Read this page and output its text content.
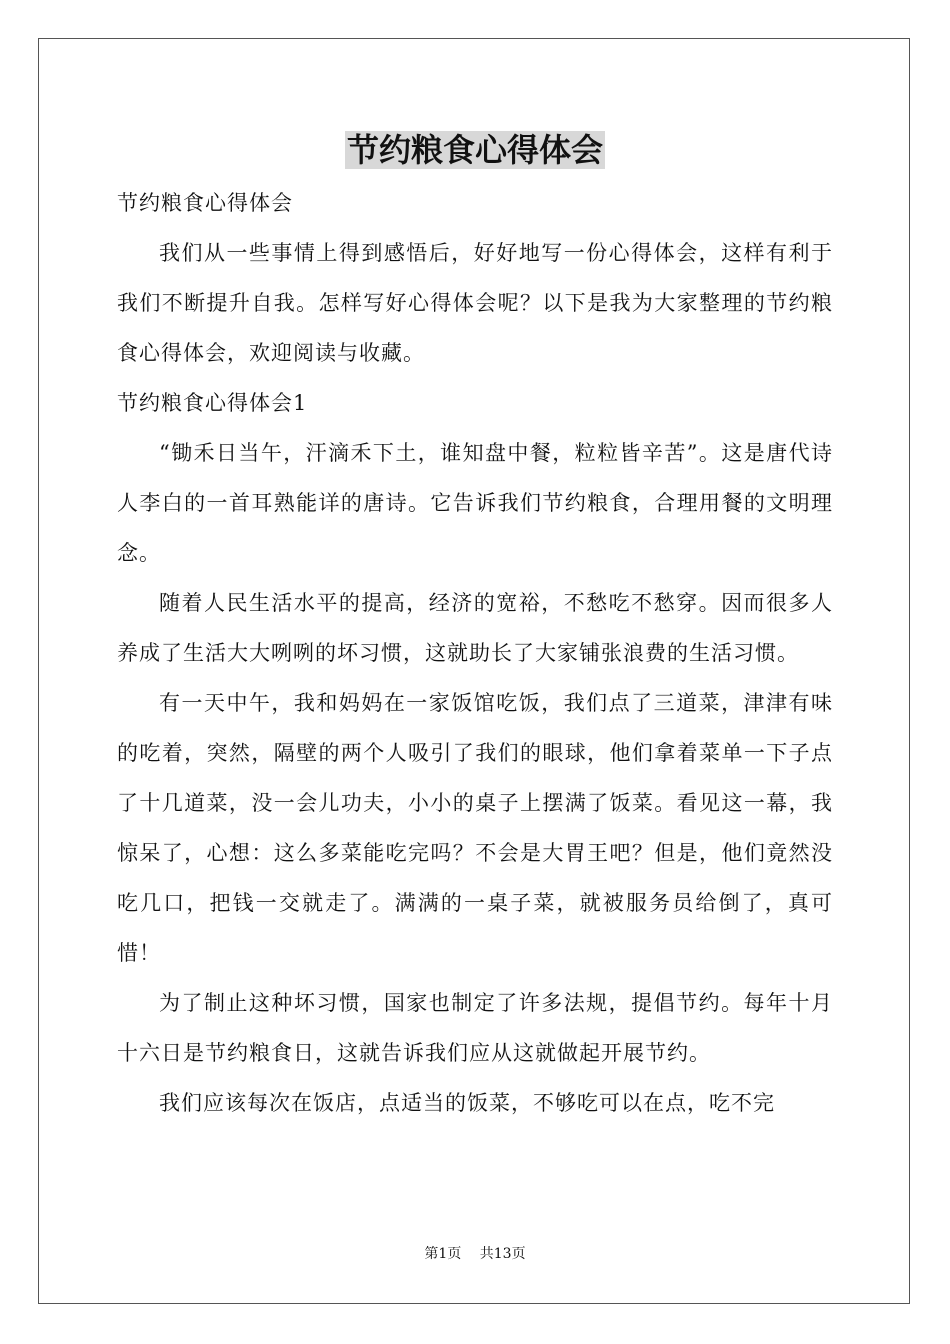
节约粮食心得体会

节约粮食心得体会

我们从一些事情上得到感悟后，好好地写一份心得体会，这样有利于我们不断提升自我。怎样写好心得体会呢？以下是我为大家整理的节约粮食心得体会，欢迎阅读与收藏。

节约粮食心得体会1

“锄禾日当午，汗滴禾下土，谁知盘中餐，粒粒皆辛苦”。这是唐代诗人李白的一首耳熟能详的唐诗。它告诉我们节约粮食，合理用餐的文明理念。

随着人民生活水平的提高，经济的宽裕，不愁吃不愁穿。因而很多人养成了生活大大咧咧的坏习惯，这就助长了大家铺张浪费的生活习惯。

有一天中午，我和妈妈在一家饭馆吃饭，我们点了三道菜，津津有味的吃着，突然，隔壁的两个人吸引了我们的眼球，他们拿着菜单一下子点了十几道菜，没一会儿功夫，小小的桌子上摆满了饭菜。看见这一幕，我惊呆了，心想：这么多菜能吃完吗？不会是大胃王吧？但是，他们竟然没吃几口，把钱一交就走了。满满的一桌子菜，就被服务员给倒了，真可惜！

为了制止这种坏习惯，国家也制定了许多法规，提倡节约。每年十月十六日是节约粮食日，这就告诉我们应从这就做起开展节约。

我们应该每次在饭店，点适当的饭菜，不够吃可以在点，吃不完

第1页　 共13页
